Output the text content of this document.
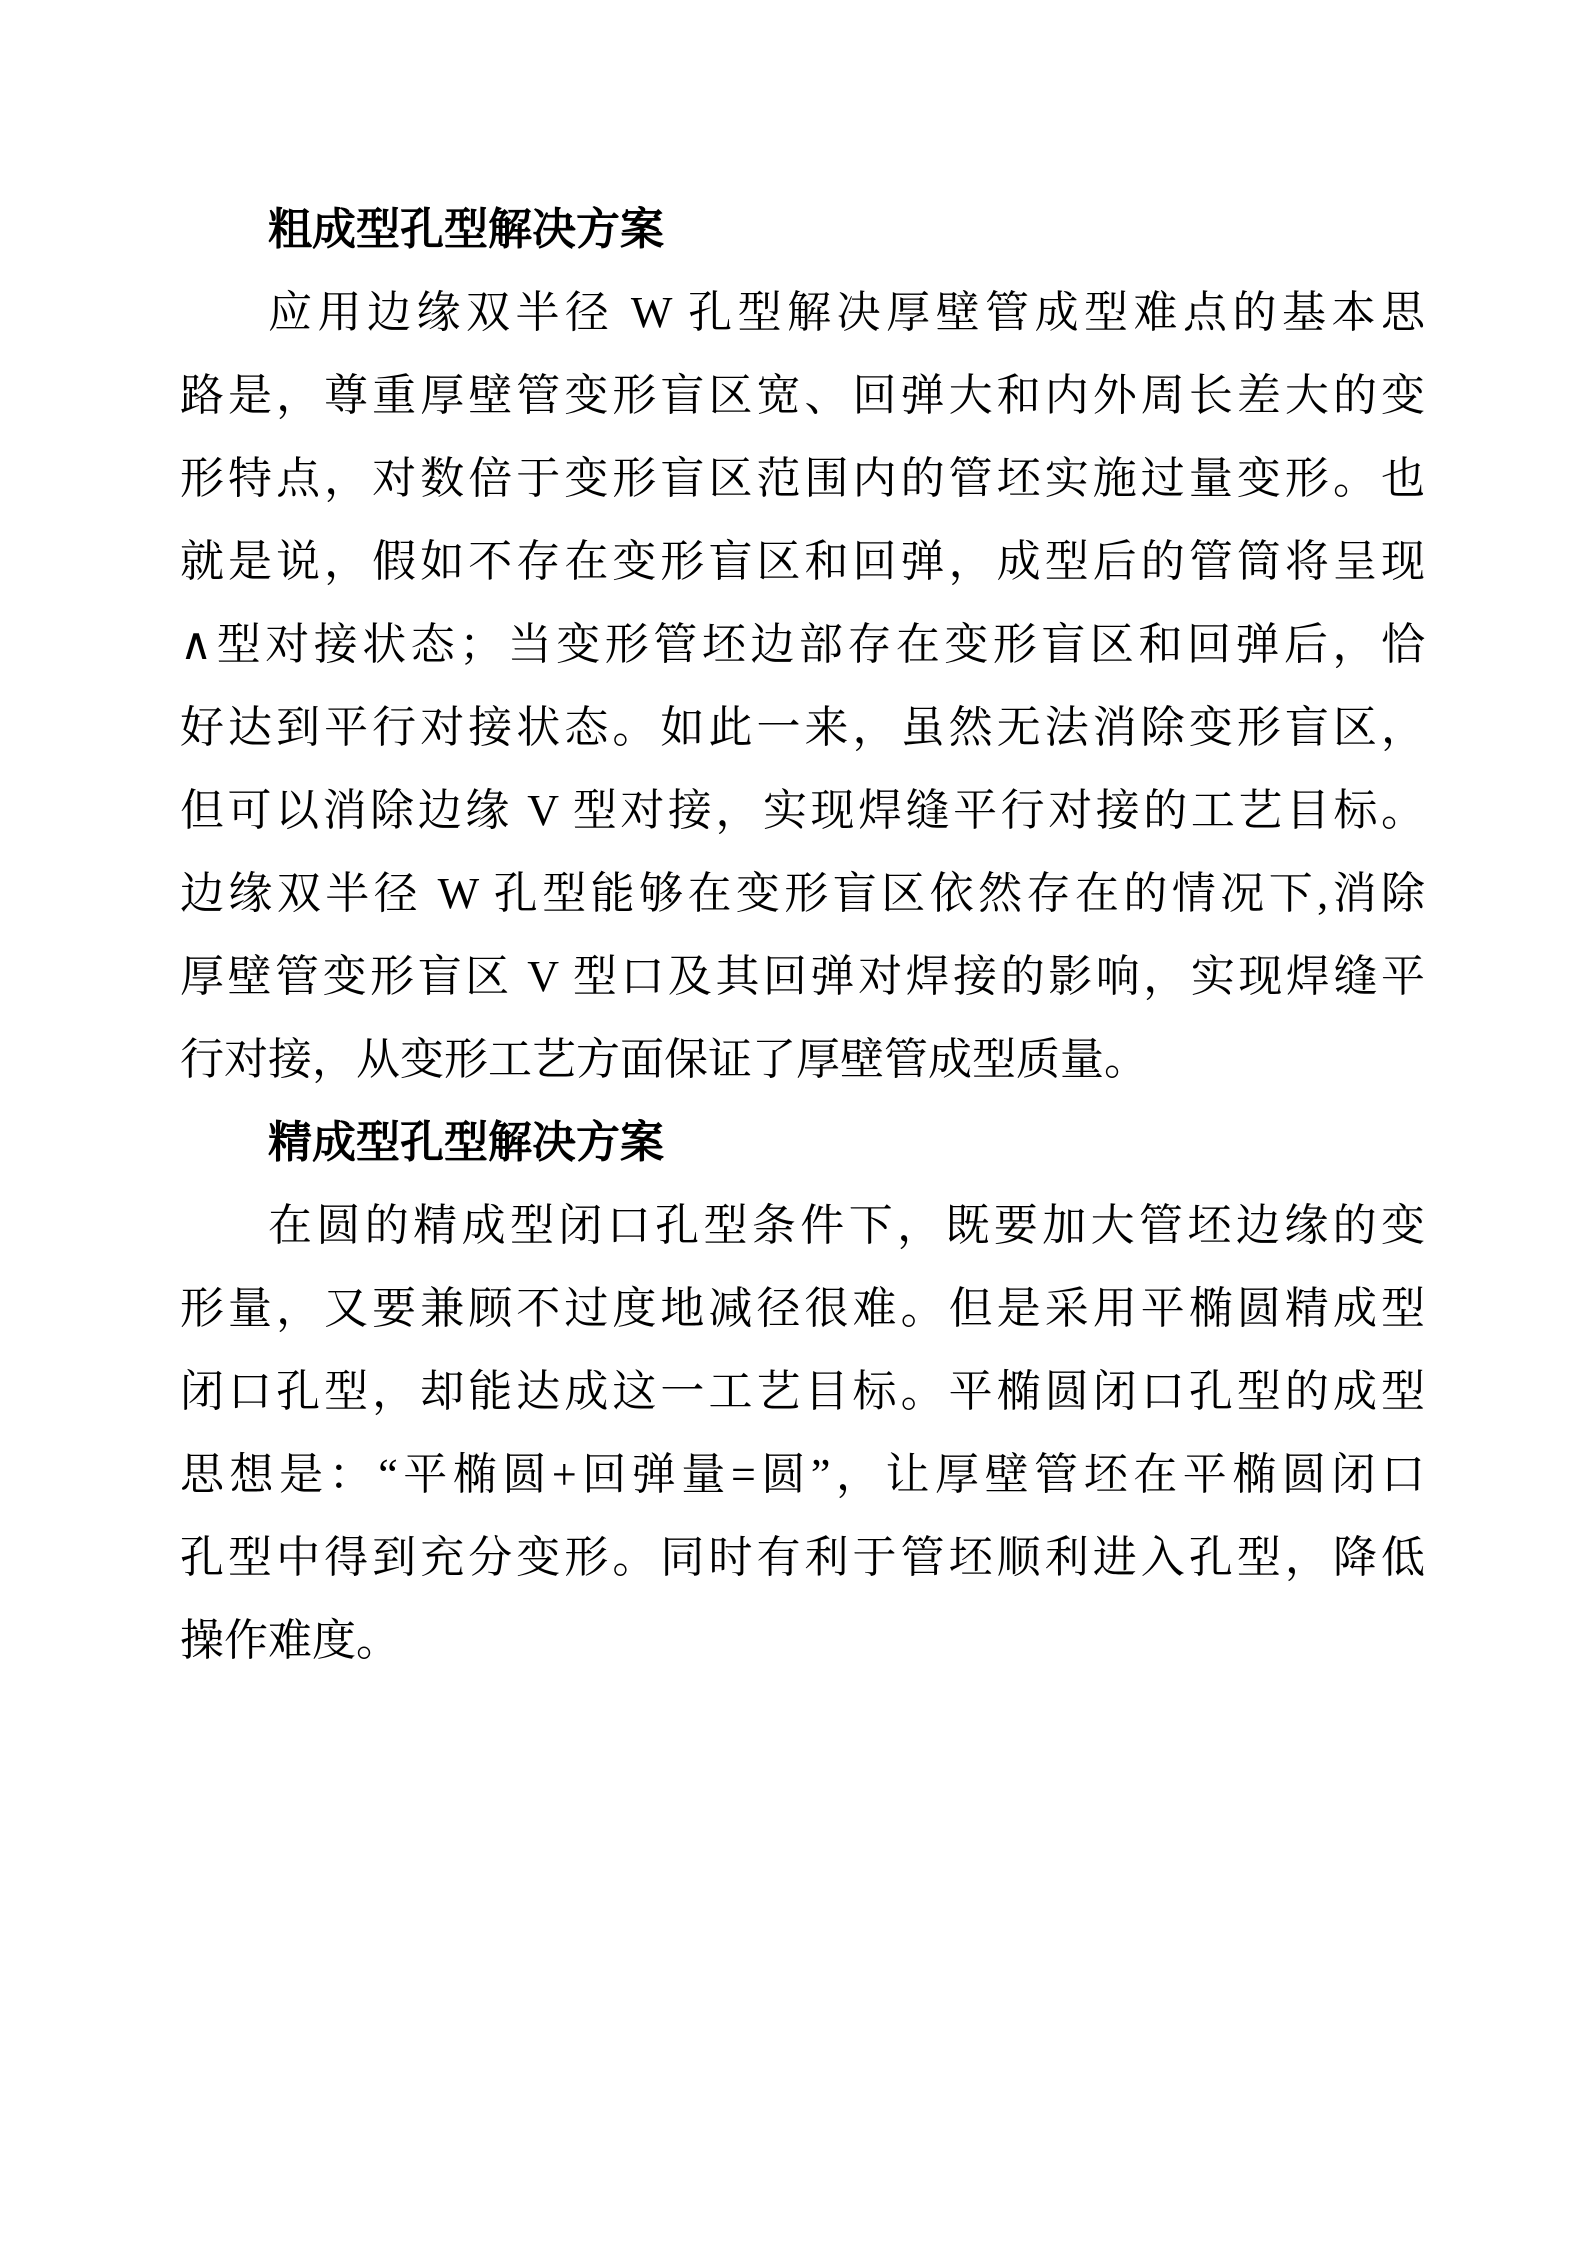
粗成型孔型解决方案
应用边缘双半径 W 孔型解决厚壁管成型难点的基本思
路是，尊重厚壁管变形盲区宽、回弹大和内外周长差大的变
形特点，对数倍于变形盲区范围内的管坯实施过量变形。也
就是说，假如不存在变形盲区和回弹，成型后的管筒将呈现
∧型对接状态；当变形管坯边部存在变形盲区和回弹后，恰
好达到平行对接状态。如此一来，虽然无法消除变形盲区，
但可以消除边缘 V 型对接，实现焊缝平行对接的工艺目标。
边缘双半径 W 孔型能够在变形盲区依然存在的情况下,消除
厚壁管变形盲区 V 型口及其回弹对焊接的影响，实现焊缝平
行对接，从变形工艺方面保证了厚壁管成型质量。
精成型孔型解决方案
在圆的精成型闭口孔型条件下，既要加大管坯边缘的变
形量，又要兼顾不过度地减径很难。但是采用平椭圆精成型
闭口孔型，却能达成这一工艺目标。平椭圆闭口孔型的成型
思想是：“平椭圆+回弹量=圆”，让厚壁管坯在平椭圆闭口
孔型中得到充分变形。同时有利于管坯顺利进入孔型，降低
操作难度。
